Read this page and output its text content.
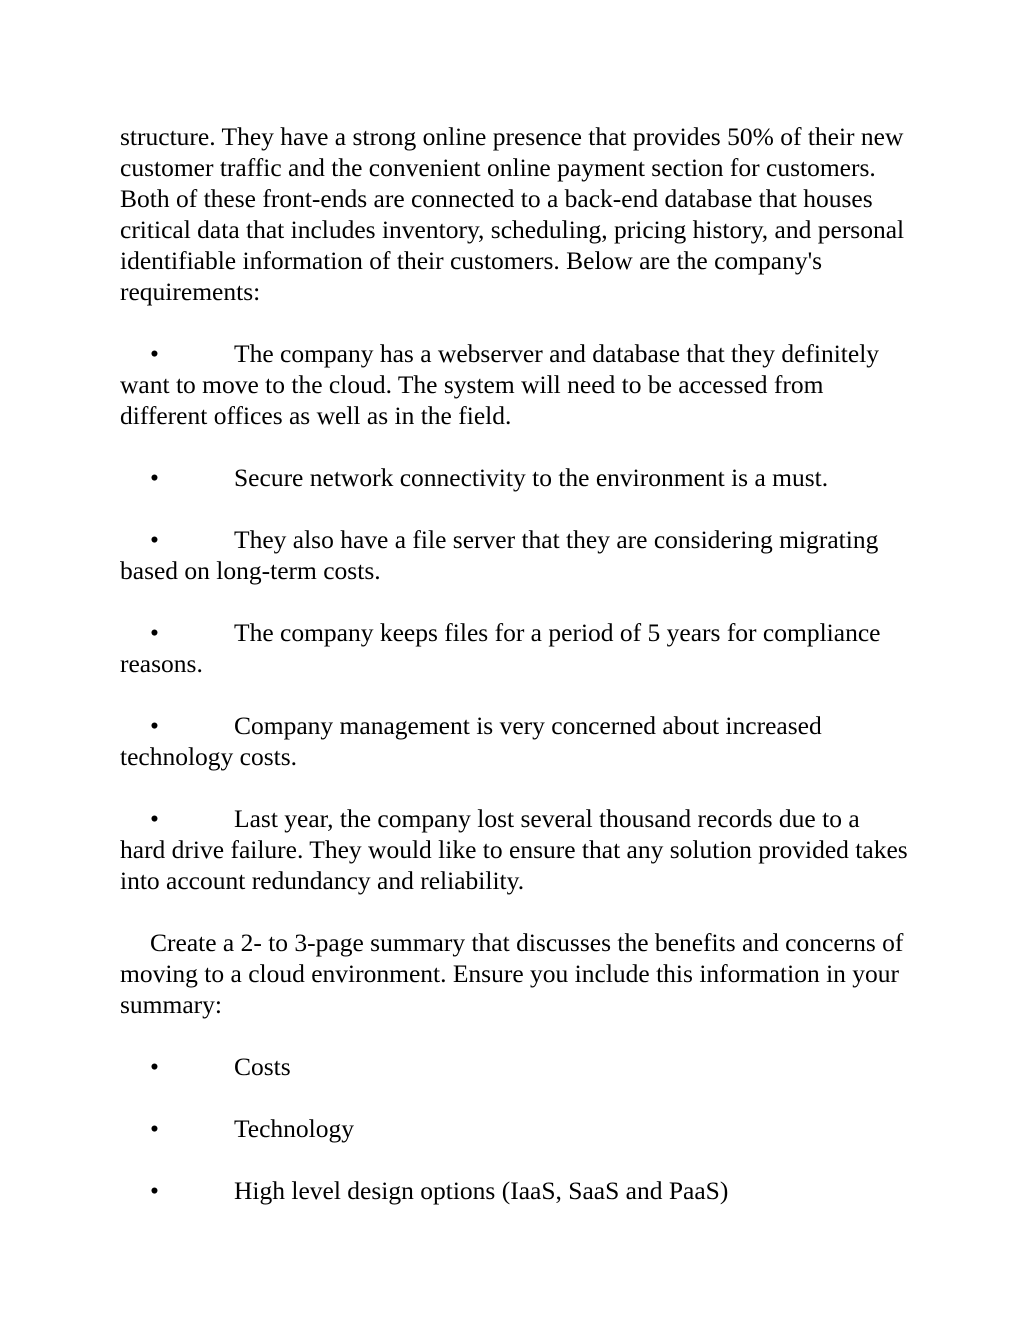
structure. They have a strong online presence that provides 50% of their new customer traffic and the convenient online payment section for customers. Both of these front-ends are connected to a back-end database that houses critical data that includes inventory, scheduling, pricing history, and personal identifiable information of their customers. Below are the company's requirements:

•	The company has a webserver and database that they definitely want to move to the cloud. The system will need to be accessed from different offices as well as in the field.

•	Secure network connectivity to the environment is a must.

•	They also have a file server that they are considering migrating based on long-term costs.

•	The company keeps files for a period of 5 years for compliance reasons.

•	Company management is very concerned about increased technology costs.

•	Last year, the company lost several thousand records due to a hard drive failure. They would like to ensure that any solution provided takes into account redundancy and reliability.

Create a 2- to 3-page summary that discusses the benefits and concerns of moving to a cloud environment. Ensure you include this information in your summary:

•	Costs

•	Technology

•	High level design options (IaaS, SaaS and PaaS)
